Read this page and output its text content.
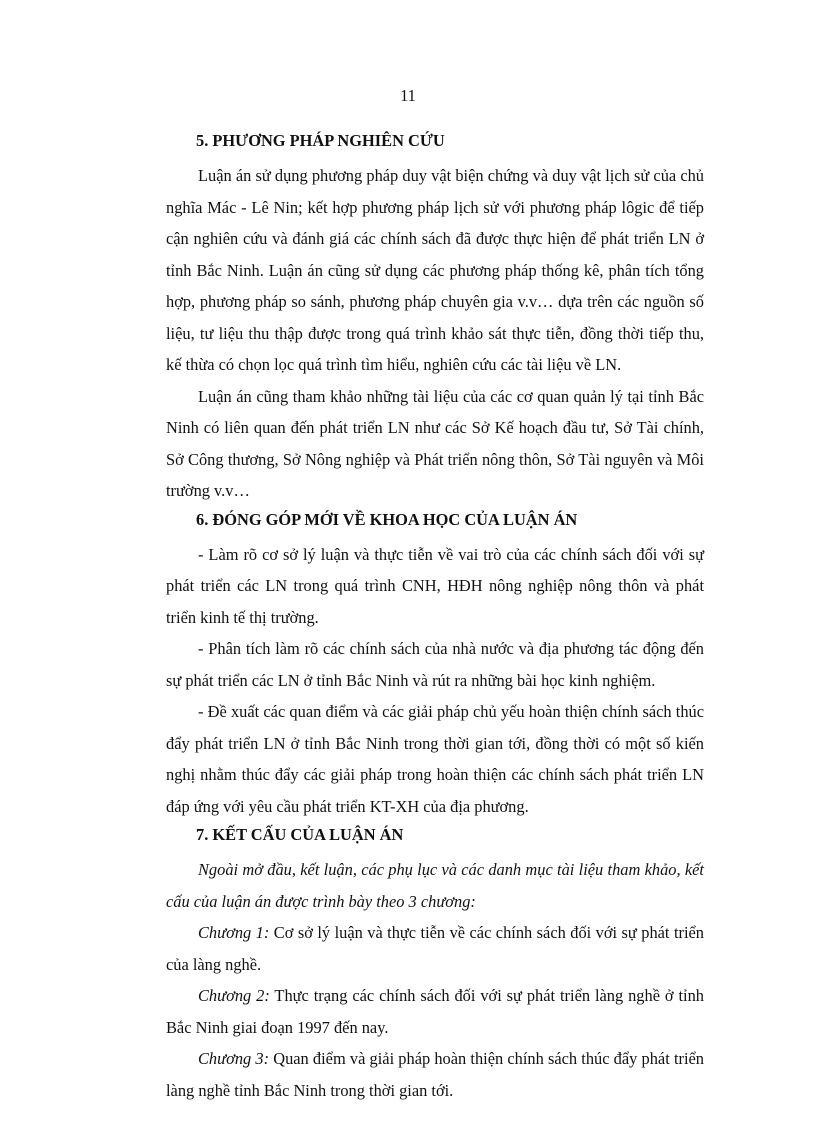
11
5. PHƯƠNG PHÁP NGHIÊN CỨU

Luận án sử dụng phương pháp duy vật biện chứng và duy vật lịch sử của chủ nghĩa Mác - Lê Nin; kết hợp phương pháp lịch sử với phương pháp lôgic để tiếp cận nghiên cứu và đánh giá các chính sách đã được thực hiện để phát triển LN ở tỉnh Bắc Ninh. Luận án cũng sử dụng các phương pháp thống kê, phân tích tổng hợp, phương pháp so sánh, phương pháp chuyên gia v.v… dựa trên các nguồn số liệu, tư liệu thu thập được trong quá trình khảo sát thực tiễn, đồng thời tiếp thu, kế thừa có chọn lọc quá trình tìm hiểu, nghiên cứu các tài liệu về LN.

Luận án cũng tham khảo những tài liệu của các cơ quan quản lý tại tỉnh Bắc Ninh có liên quan đến phát triển LN như các Sở Kế hoạch đầu tư, Sở Tài chính, Sở Công thương, Sở Nông nghiệp và Phát triển nông thôn, Sở Tài nguyên và Môi trường v.v…

6. ĐÓNG GÓP MỚI VỀ KHOA HỌC CỦA LUẬN ÁN

- Làm rõ cơ sở lý luận và thực tiễn về vai trò của các chính sách đối với sự phát triển các LN trong quá trình CNH, HĐH nông nghiệp nông thôn và phát triển kinh tế thị trường.

- Phân tích làm rõ các chính sách của nhà nước và địa phương tác động đến sự phát triển các LN ở tỉnh Bắc Ninh và rút ra những bài học kinh nghiệm.

- Đề xuất các quan điểm và các giải pháp chủ yếu hoàn thiện chính sách thúc đẩy phát triển LN ở tỉnh Bắc Ninh trong thời gian tới, đồng thời có một số kiến nghị nhằm thúc đẩy các giải pháp trong hoàn thiện các chính sách phát triển LN đáp ứng với yêu cầu phát triển KT-XH của địa phương.

7. KẾT CẤU CỦA LUẬN ÁN

Ngoài mở đầu, kết luận, các phụ lục và các danh mục tài liệu tham khảo, kết cấu của luận án được trình bày theo 3 chương:

Chương 1: Cơ sở lý luận và thực tiễn về các chính sách đối với sự phát triển của làng nghề.

Chương 2: Thực trạng các chính sách đối với sự phát triển làng nghề ở tỉnh Bắc Ninh giai đoạn 1997 đến nay.

Chương 3: Quan điểm và giải pháp hoàn thiện chính sách thúc đẩy phát triển làng nghề tỉnh Bắc Ninh trong thời gian tới.
